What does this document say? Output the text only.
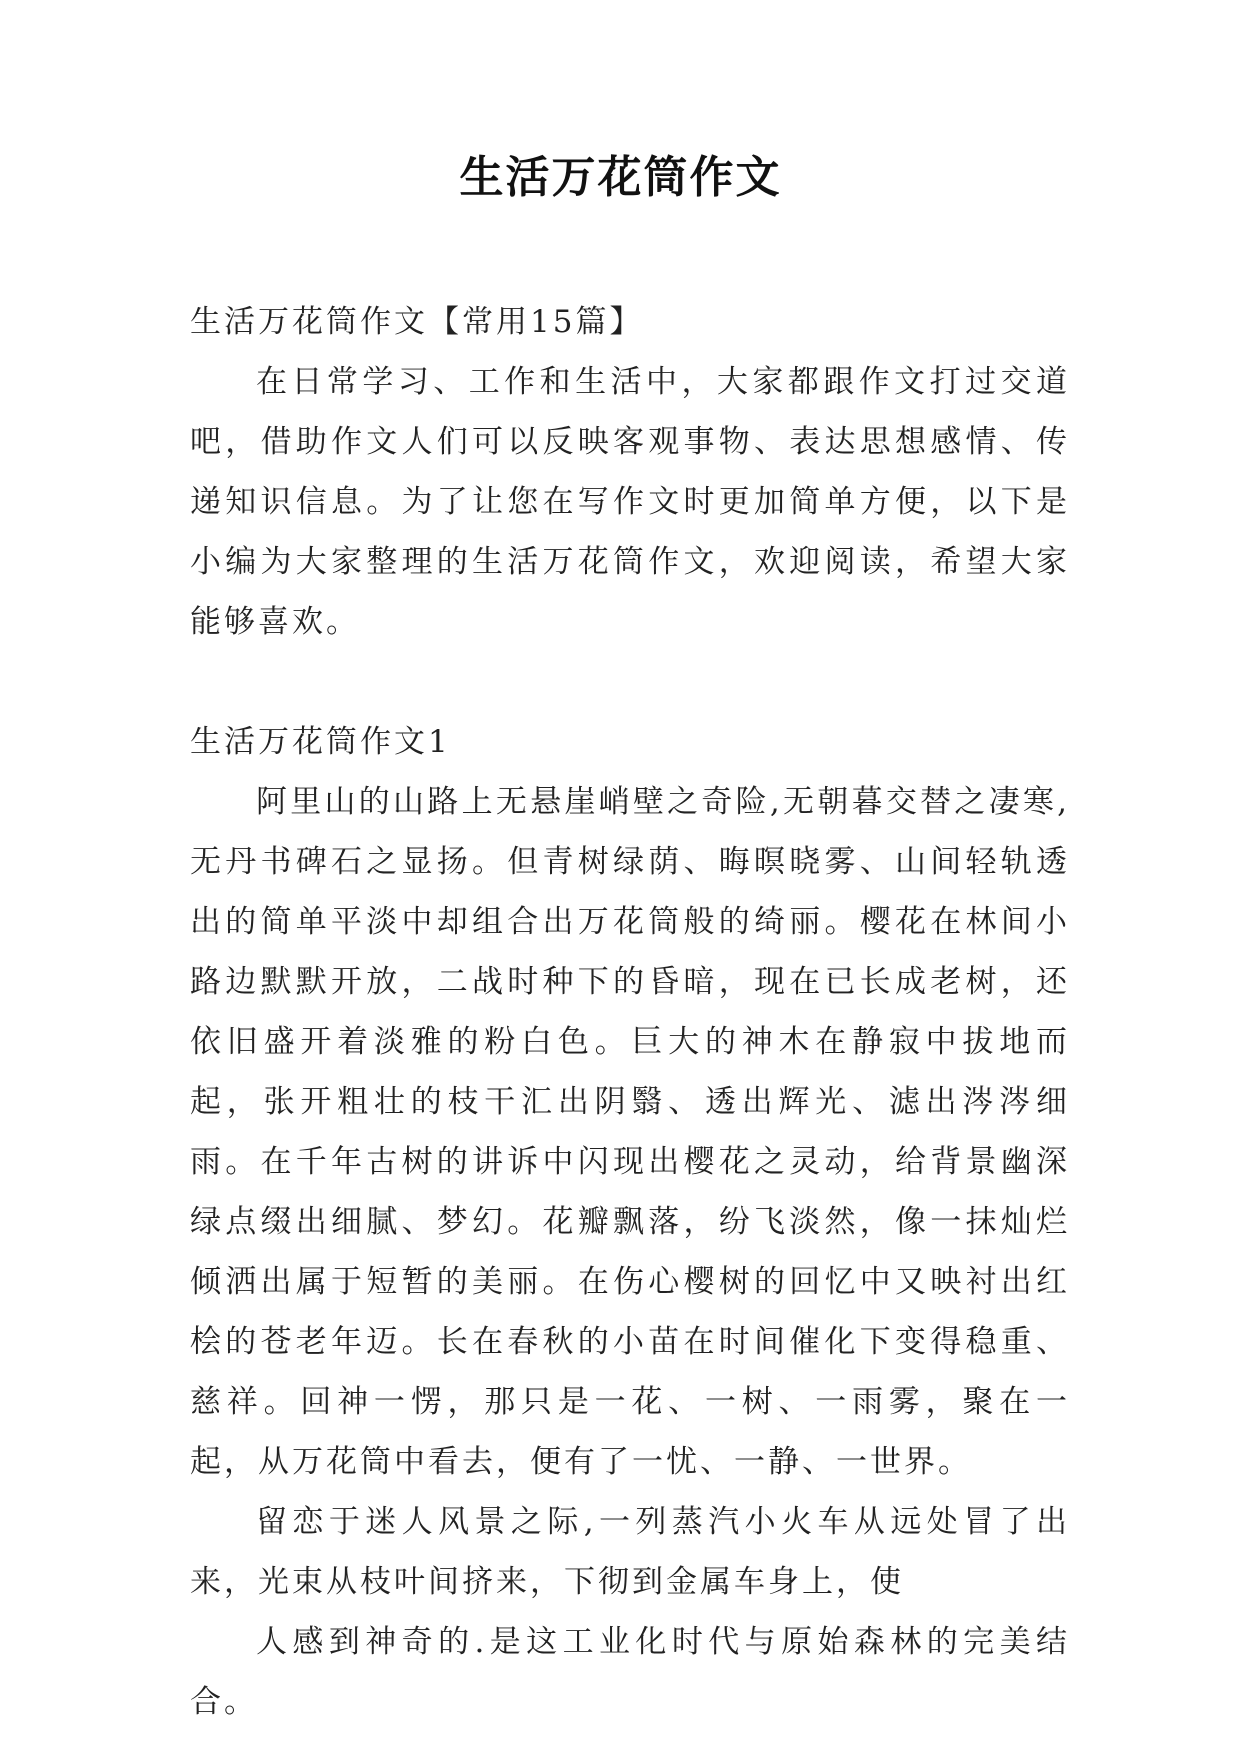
生活万花筒作文

生活万花筒作文【常用15篇】

在日常学习、工作和生活中，大家都跟作文打过交道吧，借助作文人们可以反映客观事物、表达思想感情、传递知识信息。为了让您在写作文时更加简单方便，以下是小编为大家整理的生活万花筒作文，欢迎阅读，希望大家能够喜欢。

生活万花筒作文1

阿里山的山路上无悬崖峭壁之奇险,无朝暮交替之凄寒,无丹书碑石之显扬。但青树绿荫、晦暝晓雾、山间轻轨透出的简单平淡中却组合出万花筒般的绮丽。樱花在林间小路边默默开放，二战时种下的昏暗，现在已长成老树，还依旧盛开着淡雅的粉白色。巨大的神木在静寂中拔地而起，张开粗壮的枝干汇出阴翳、透出辉光、滤出涔涔细雨。在千年古树的讲诉中闪现出樱花之灵动，给背景幽深绿点缀出细腻、梦幻。花瓣飘落，纷飞淡然，像一抹灿烂倾洒出属于短暂的美丽。在伤心樱树的回忆中又映衬出红桧的苍老年迈。长在春秋的小苗在时间催化下变得稳重、慈祥。回神一愣，那只是一花、一树、一雨雾，聚在一起，从万花筒中看去，便有了一忧、一静、一世界。

留恋于迷人风景之际,一列蒸汽小火车从远处冒了出来，光束从枝叶间挤来，下彻到金属车身上，使

人感到神奇的.是这工业化时代与原始森林的完美结合。
